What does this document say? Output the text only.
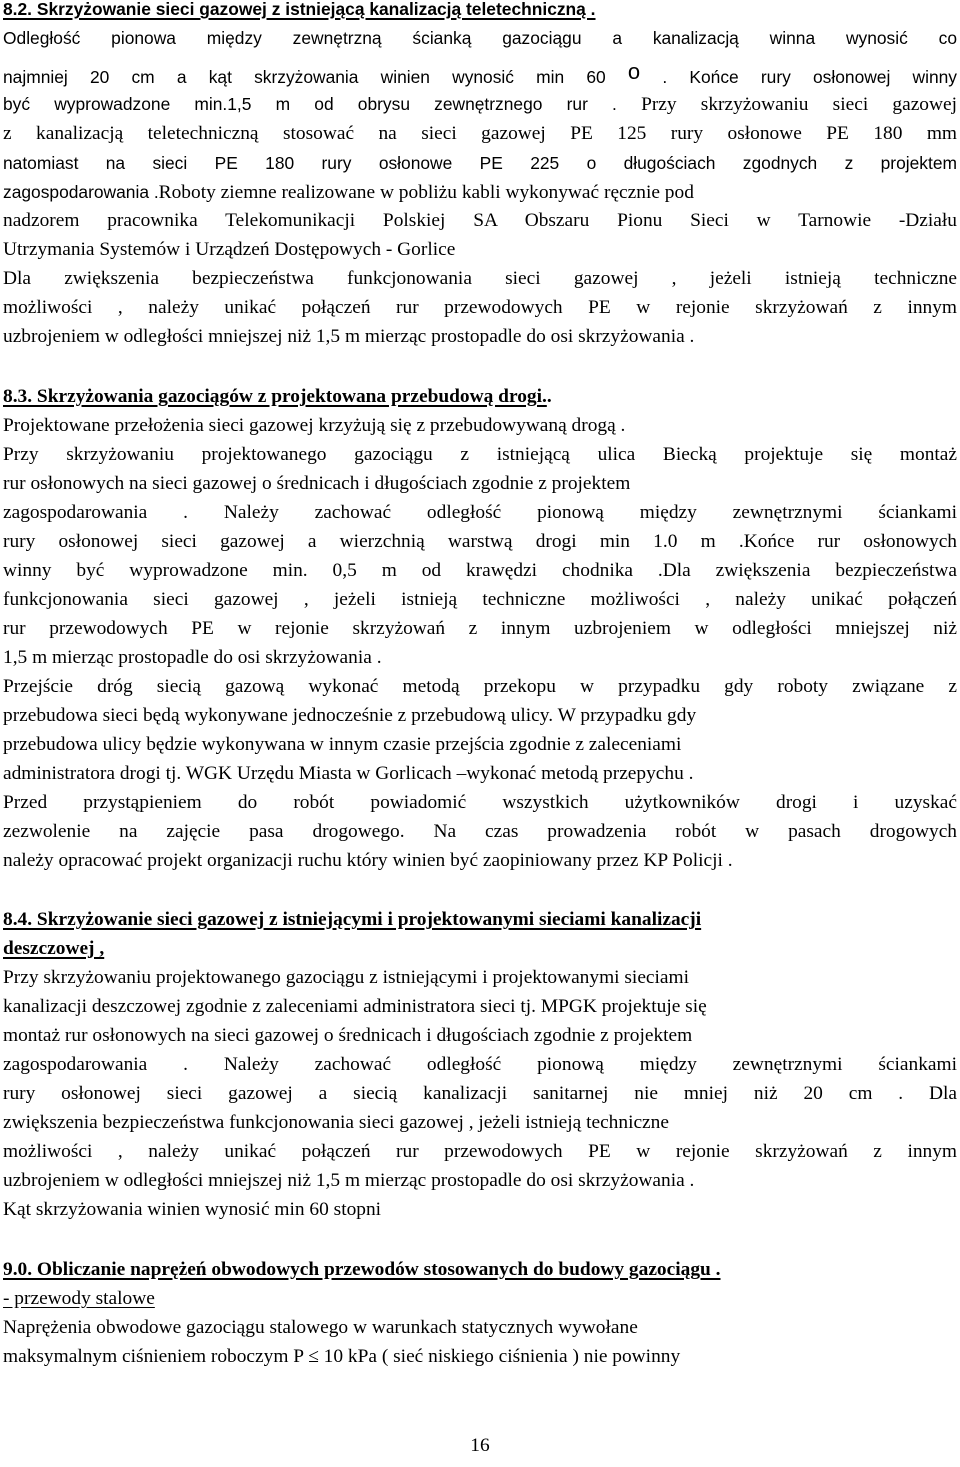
8.2. Skrzyżowanie sieci gazowej z istniejącą kanalizacją teletechniczną .
Odległość pionowa między zewnętrzną ścianką gazociągu a kanalizacją winna wynosić co
najmniej 20 cm a kąt skrzyżowania winien wynosić min 60 o . Końce rury osłonowej winny
być wyprowadzone min.1,5 m od obrysu zewnętrznego rur . Przy skrzyżowaniu sieci gazowej
z kanalizacją teletechniczną stosować na sieci gazowej PE 125 rury osłonowe PE 180 mm
natomiast na sieci PE 180 rury osłonowe PE 225 o długościach zgodnych z projektem
zagospodarowania .Roboty ziemne realizowane w pobliżu kabli wykonywać ręcznie pod
nadzorem pracownika Telekomunikacji Polskiej SA Obszaru Pionu Sieci w Tarnowie -Działu
Utrzymania Systemów i Urządzeń Dostępowych - Gorlice
Dla zwiększenia bezpieczeństwa funkcjonowania sieci gazowej , jeżeli istnieją techniczne
możliwości , należy unikać połączeń rur przewodowych PE w rejonie skrzyżowań z innym
uzbrojeniem w odległości mniejszej niż 1,5 m mierząc prostopadle do osi skrzyżowania .
8.3. Skrzyżowania gazociągów z projektowana przebudową drogi..
Projektowane przełożenia sieci gazowej krzyżują się z przebudowywaną drogą .
Przy skrzyżowaniu projektowanego gazociągu z istniejącą ulica Biecką projektuje się montaż
rur osłonowych na sieci gazowej o średnicach i długościach zgodnie z projektem
zagospodarowania . Należy zachować odległość pionową między zewnętrznymi ściankami
rury osłonowej sieci gazowej a wierzchnią warstwą drogi min 1.0 m .Końce rur osłonowych
winny być wyprowadzone min. 0,5 m od krawędzi chodnika .Dla zwiększenia bezpieczeństwa
funkcjonowania sieci gazowej , jeżeli istnieją techniczne możliwości , należy unikać połączeń
rur przewodowych PE w rejonie skrzyżowań z innym uzbrojeniem w odległości mniejszej niż
1,5 m mierząc prostopadle do osi skrzyżowania .
Przejście dróg siecią gazową wykonać metodą przekopu w przypadku gdy roboty związane z
przebudowa sieci będą wykonywane jednocześnie z przebudową ulicy. W przypadku gdy
przebudowa ulicy będzie wykonywana w innym czasie przejścia zgodnie z zaleceniami
administratora drogi tj. WGK Urzędu Miasta w Gorlicach –wykonać metodą przepychu .
Przed przystąpieniem do robót powiadomić wszystkich użytkowników drogi i uzyskać
zezwolenie na zajęcie pasa drogowego. Na czas prowadzenia robót w pasach drogowych
należy opracować projekt organizacji ruchu który winien być zaopiniowany przez KP Policji .
8.4. Skrzyżowanie sieci gazowej z istniejącymi i projektowanymi sieciami kanalizacji
deszczowej ,
Przy skrzyżowaniu projektowanego gazociągu z istniejącymi i projektowanymi sieciami
kanalizacji deszczowej zgodnie z zaleceniami administratora sieci tj. MPGK projektuje się
montaż rur osłonowych na sieci gazowej o średnicach i długościach zgodnie z projektem
zagospodarowania . Należy zachować odległość pionową między zewnętrznymi ściankami
rury osłonowej sieci gazowej a siecią kanalizacji sanitarnej nie mniej niż 20 cm . Dla
zwiększenia bezpieczeństwa funkcjonowania sieci gazowej , jeżeli istnieją techniczne
możliwości , należy unikać połączeń rur przewodowych PE w rejonie skrzyżowań z innym
uzbrojeniem w odległości mniejszej niż 1,5 m mierząc prostopadle do osi skrzyżowania .
Kąt skrzyżowania winien wynosić min 60 stopni
9.0. Obliczanie naprężeń obwodowych przewodów stosowanych do budowy gazociągu .
- przewody stalowe
Naprężenia obwodowe gazociągu stalowego w warunkach statycznych wywołane
maksymalnym ciśnieniem roboczym P ≤ 10 kPa ( sieć niskiego ciśnienia ) nie powinny
16
